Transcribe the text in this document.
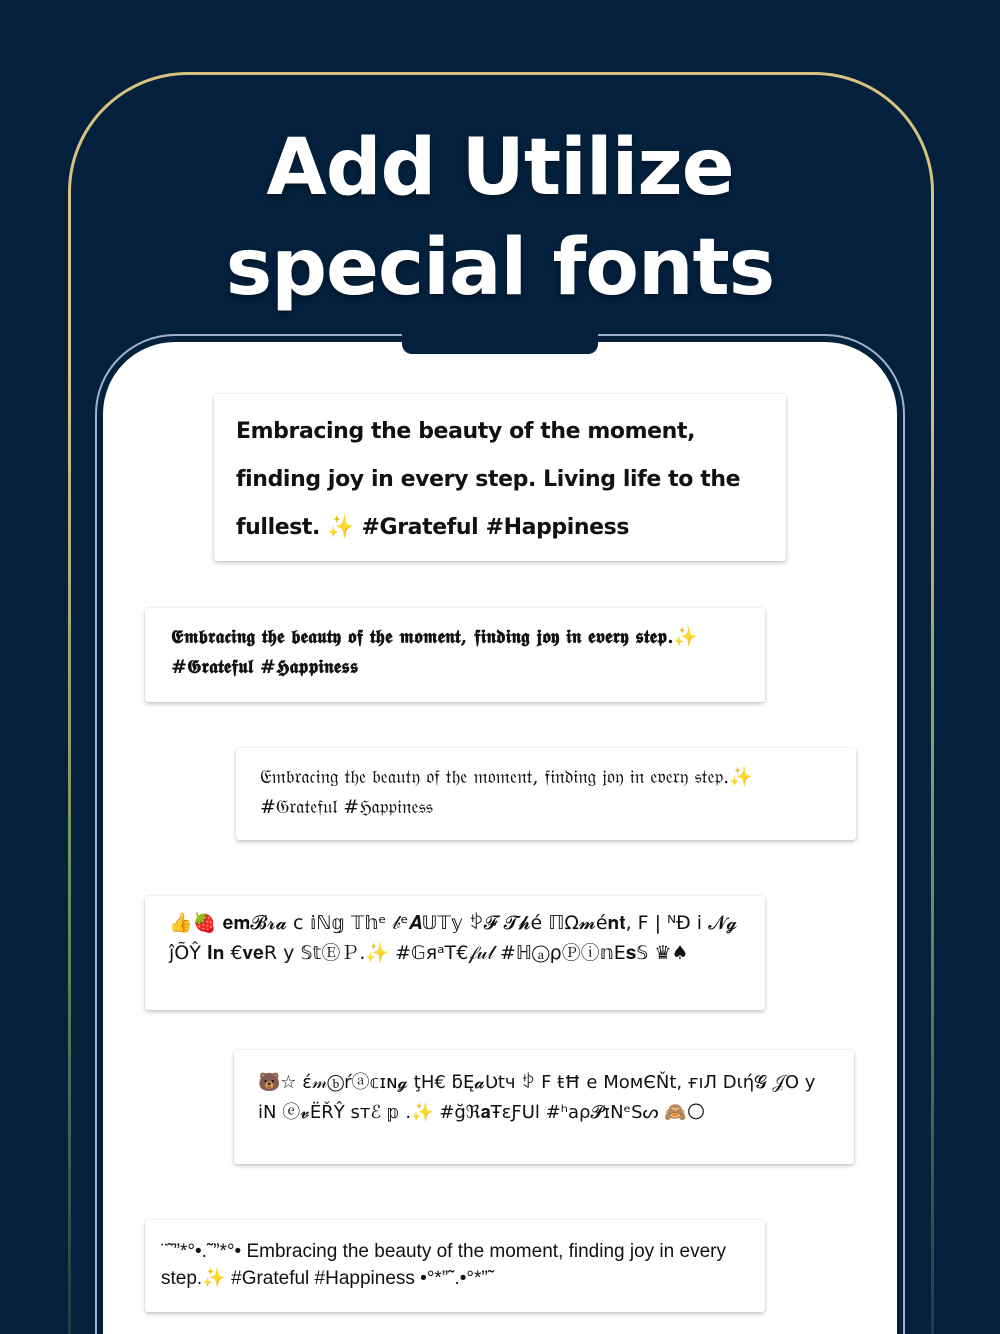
Add Utilize
special fonts
Embracing the beauty of the moment, finding joy in every step. Living life to the fullest. ✨ #Grateful #Happiness
𝕰𝖒𝖇𝖗𝖆𝖈𝖎𝖓𝖌 𝖙𝖍𝖊 𝖇𝖊𝖆𝖚𝖙𝖞 𝖔𝖋 𝖙𝖍𝖊 𝖒𝖔𝖒𝖊𝖓𝖙, 𝖋𝖎𝖓𝖉𝖎𝖓𝖌 𝖏𝖔𝖞 𝖎𝖓 𝖊𝖛𝖊𝖗𝖞 𝖘𝖙𝖊𝖕.✨ #𝕲𝖗𝖆𝖙𝖊𝖋𝖚𝖑 #𝕳𝖆𝖕𝖕𝖎𝖓𝖊𝖘𝖘
𝔈𝔪𝔟𝔯𝔞𝔠𝔦𝔫𝔤 𝔱𝔥𝔢 𝔟𝔢𝔞𝔲𝔱𝔶 𝔬𝔣 𝔱𝔥𝔢 𝔪𝔬𝔪𝔢𝔫𝔱, 𝔣𝔦𝔫𝔡𝔦𝔫𝔤 𝔧𝔬𝔶 𝔦𝔫 𝔢𝔳𝔢𝔯𝔶 𝔰𝔱𝔢𝔭.✨ #𝔊𝔯𝔞𝔱𝔢𝔣𝔲𝔩 #ℌ𝔞𝔭𝔭𝔦𝔫𝔢𝔰𝔰
👍🍓 𝐞𝐦𝓑𝓻𝓪 c 𝕚ℕ𝕘 𝕋𝕙ᵉ 𝒷ᵉ𝑨𝕌𝕋𝕪 ꉣ𝓕 𝓣𝓱é ℿΩ𝓶é𝐧𝐭, F | ᴺĐ i 𝓝𝓰 ĵÕŶ 𝐈𝐧 €𝐯𝐞R y 𝕊𝕥ⒺＰ.✨ #𝔾яᵃT€𝒻𝓊𝓁 #ℍⓐρⓅⓘ𝕟E𝐬𝕊 ♛♠
🐻☆ έ𝓂ⓑŕⓐ𝕔ɪɴ𝓰 ţH€ ƃĘ𝓪Ʋtч ꉣ F ŧĦ e MoмЄŇt, ғıЛ Dιή𝓖 𝒥O y iN ⓔ𝓿ЁŘŶ ѕтℰ 𝕡 .✨ #ğℜ𝐚ŦεƑᑌl #ʰaρ𝓟ɪNᵉSᔕ 🙈🌕
¨˜”*°•.˜”*°• Embracing the beauty of the moment, finding joy in every step.✨ #Grateful #Happiness •°*”˜.•°*”˜
